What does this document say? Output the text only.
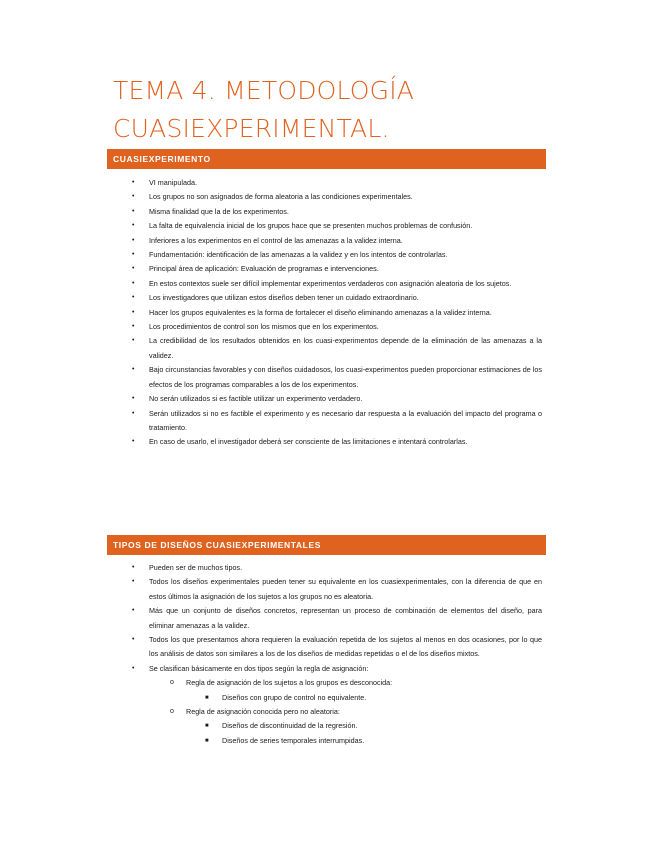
TEMA 4. METODOLOGÍA
CUASIEXPERIMENTAL.
CUASIEXPERIMENTO
• VI manipulada.
• Los grupos no son asignados de forma aleatoria a las condiciones experimentales.
• Misma finalidad que la de los experimentos.
• La falta de equivalencia inicial de los grupos hace que se presenten muchos problemas de confusión.
• Inferiores a los experimentos en el control de las amenazas a la validez interna.
• Fundamentación: identificación de las amenazas a la validez y en los intentos de controlarlas.
• Principal área de aplicación: Evaluación de programas e intervenciones.
• En estos contextos suele ser difícil implementar experimentos verdaderos con asignación aleatoria de los sujetos.
• Los investigadores que utilizan estos diseños deben tener un cuidado extraordinario.
• Hacer los grupos equivalentes es la forma de fortalecer el diseño eliminando amenazas a la validez interna.
• Los procedimientos de control son los mismos que en los experimentos.
• La credibilidad de los resultados obtenidos en los cuasi-experimentos depende de la eliminación de las amenazas a la validez.
• Bajo circunstancias favorables y con diseños cuidadosos, los cuasi-experimentos pueden proporcionar estimaciones de los efectos de los programas comparables a los de los experimentos.
• No serán utilizados si es factible utilizar un experimento verdadero.
• Serán utilizados si no es factible el experimento y es necesario dar respuesta a la evaluación del impacto del programa o tratamiento.
• En caso de usarlo, el investigador deberá ser consciente de las limitaciones e intentará controlarlas.
TIPOS DE DISEÑOS CUASIEXPERIMENTALES
• Pueden ser de muchos tipos.
• Todos los diseños experimentales pueden tener su equivalente en los cuasiexperimentales, con la diferencia de que en estos últimos la asignación de los sujetos a los grupos no es aleatoria.
• Más que un conjunto de diseños concretos, representan un proceso de combinación de elementos del diseño, para eliminar amenazas a la validez.
• Todos los que presentamos ahora requieren la evaluación repetida de los sujetos al menos en dos ocasiones, por lo que los análisis de datos son similares a los de los diseños de medidas repetidas o el de los diseños mixtos.
• Se clasifican básicamente en dos tipos según la regla de asignación:
o Regla de asignación de los sujetos a los grupos es desconocida:
■ Diseños con grupo de control no equivalente.
o Regla de asignación conocida pero no aleatoria:
■ Diseños de discontinuidad de la regresión.
■ Diseños de series temporales interrumpidas.
